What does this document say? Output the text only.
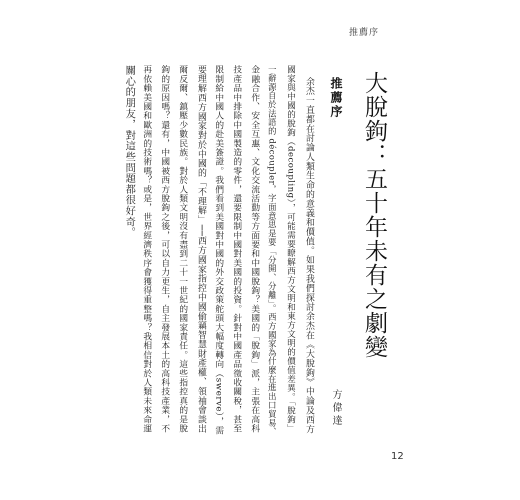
推薦序
大脫鉤：五十年未有之劇變
推薦序
方偉達
余杰一直都在討論人類生命的意義和價值。如果我們探討余杰在《大脫鉤》中論及西方
國家與中國的脫鉤（decoupling），可能需要瞭解西方文明和東方文明的價值差異。「脫鉤」
一辭源自於法語的 découpler，字面意思是要「分開、分離」。西方國家為什麼在進出口貿易、
金融合作、安全互惠、文化交流活動等方面要和中國脫鉤？美國的「脫鉤」派，主張在高科
技產品中排除中國製造的零件，還要限制中國對美國的投資。針對中國產品徵收關稅，甚至
限制給中國人的赴美簽證。我們看到美國對中國的外交政策舵頭大幅度轉向（swerve），需
要理解西方國家對於中國的「不理解」──西方國家指控中國偷竊智慧財產權、領袖會談出
爾反爾、鎮壓少數民族。對於人類文明沒有盡到二十一世紀的國家責任。這些指控真的是脫
鉤的原因嗎？還有，中國被西方脫鉤之後，可以自力更生，自主發展本土的高科技產業，不
再依賴美國和歐洲的技術嗎？或是，世界經濟秩序會獲得重整嗎？我相信對於人類未來命運
關心的朋友，對這些問題都很好奇。
12
